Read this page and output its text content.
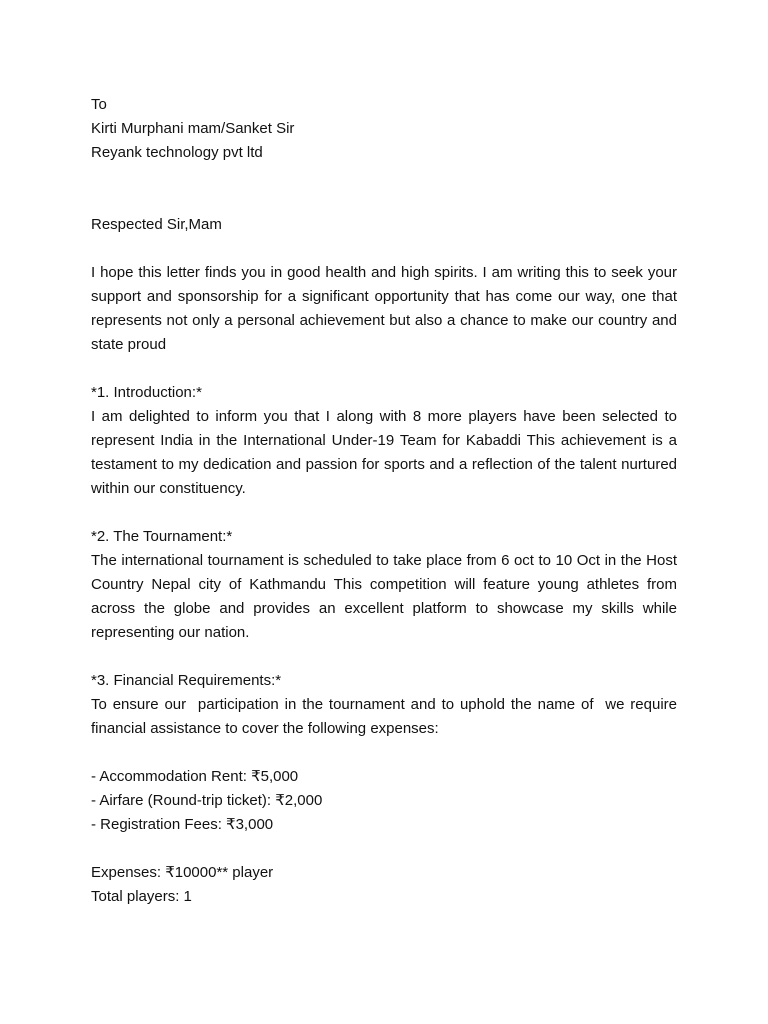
To
Kirti Murphani mam/Sanket Sir
Reyank technology pvt ltd
Respected Sir,Mam

I hope this letter finds you in good health and high spirits. I am writing this to seek your support and sponsorship for a significant opportunity that has come our way, one that represents not only a personal achievement but also a chance to make our country and state proud

*1. Introduction:*

I am delighted to inform you that I along with 8 more players have been selected to represent India in the International Under-19 Team for Kabaddi This achievement is a testament to my dedication and passion for sports and a reflection of the talent nurtured within our constituency.

*2. The Tournament:*

The international tournament is scheduled to take place from 6 oct to 10 Oct in the Host Country Nepal city of Kathmandu This competition will feature young athletes from across the globe and provides an excellent platform to showcase my skills while representing our nation.

*3. Financial Requirements:*

To ensure our  participation in the tournament and to uphold the name of  we require financial assistance to cover the following expenses:

- Accommodation Rent: ₹5,000
- Airfare (Round-trip ticket): ₹2,000
- Registration Fees: ₹3,000
Expenses: ₹10000** player
Total players: 1
